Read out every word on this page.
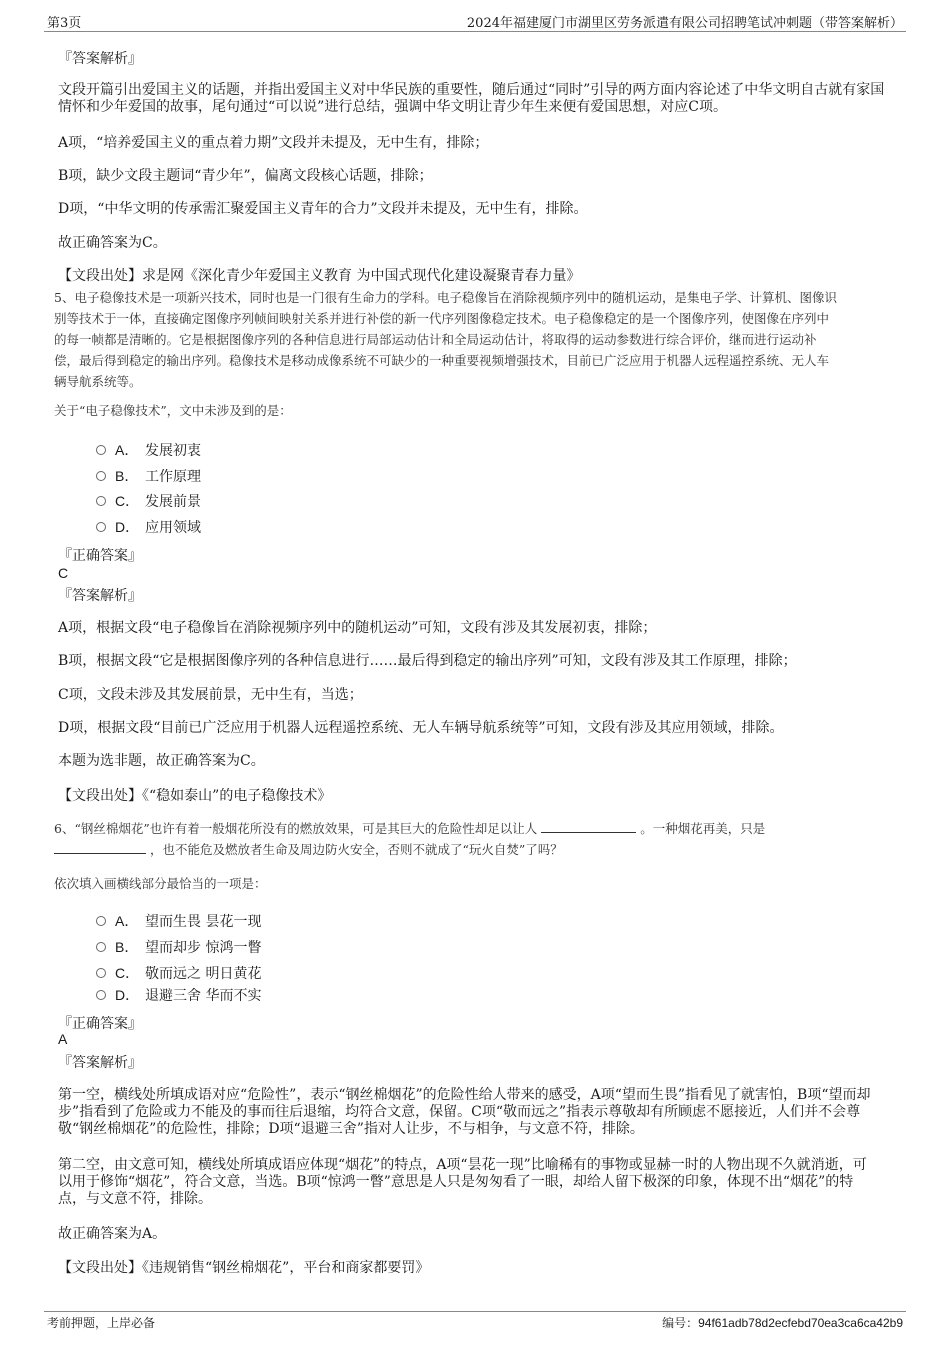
第3页	2024年福建厦门市湖里区劳务派遣有限公司招聘笔试冲刺题（带答案解析）
『答案解析』
文段开篇引出爱国主义的话题，并指出爱国主义对中华民族的重要性，随后通过“同时”引导的两方面内容论述了中华文明自古就有家国情怀和少年爱国的故事，尾句通过“可以说”进行总结，强调中华文明让青少年生来便有爱国思想，对应C项。
A项，“培养爱国主义的重点着力期”文段并未提及，无中生有，排除；
B项，缺少文段主题词“青少年”，偏离文段核心话题，排除；
D项，“中华文明的传承需汇聚爱国主义青年的合力”文段并未提及，无中生有，排除。
故正确答案为C。
【文段出处】求是网《深化青少年爱国主义教育 为中国式现代化建设凝聚青春力量》
5、电子稳像技术是一项新兴技术，同时也是一门很有生命力的学科。电子稳像旨在消除视频序列中的随机运动，是集电子学、计算机、图像识
别等技术于一体，直接确定图像序列帧间映射关系并进行补偿的新一代序列图像稳定技术。电子稳像稳定的是一个图像序列，使图像在序列中
的每一帧都是清晰的。它是根据图像序列的各种信息进行局部运动估计和全局运动估计，将取得的运动参数进行综合评价，继而进行运动补
偿，最后得到稳定的输出序列。稳像技术是移动成像系统不可缺少的一种重要视频增强技术，目前已广泛应用于机器人远程遥控系统、无人车
辆导航系统等。
关于“电子稳像技术”，文中未涉及到的是：
A． 发展初衷
B． 工作原理
C． 发展前景
D． 应用领域
『正确答案』
C
『答案解析』
A项，根据文段“电子稳像旨在消除视频序列中的随机运动”可知，文段有涉及其发展初衷，排除；
B项，根据文段“它是根据图像序列的各种信息进行……最后得到稳定的输出序列”可知，文段有涉及其工作原理，排除；
C项，文段未涉及其发展前景，无中生有，当选；
D项，根据文段“目前已广泛应用于机器人远程遥控系统、无人车辆导航系统等”可知，文段有涉及其应用领域，排除。
本题为选非题，故正确答案为C。
【文段出处】《“稳如泰山”的电子稳像技术》
6、“钢丝棉烟花”也许有着一般烟花所没有的燃放效果，可是其巨大的危险性却足以让人	。一种烟花再美，只是
，也不能危及燃放者生命及周边防火安全，否则不就成了“玩火自焚”了吗？
依次填入画横线部分最恰当的一项是：
A． 望而生畏 昙花一现
B． 望而却步 惊鸿一瞥
C． 敬而远之 明日黄花
D． 退避三舍 华而不实
『正确答案』
A
『答案解析』
第一空，横线处所填成语对应“危险性”，表示“钢丝棉烟花”的危险性给人带来的感受，A项“望而生畏”指看见了就害怕，B项“望而却步”指看到了危险或力不能及的事而往后退缩，均符合文意，保留。C项“敬而远之”指表示尊敬却有所顾虑不愿接近，人们并不会尊敬“钢丝棉烟花”的危险性，排除；D项“退避三舍”指对人让步，不与相争，与文意不符，排除。
第二空，由文意可知，横线处所填成语应体现“烟花”的特点，A项“昙花一现”比喻稀有的事物或显赫一时的人物出现不久就消逝，可以用于修饰“烟花”，符合文意，当选。B项“惊鸿一瞥”意思是人只是匆匆看了一眼，却给人留下极深的印象，体现不出“烟花”的特点，与文意不符，排除。
故正确答案为A。
【文段出处】《违规销售“钢丝棉烟花”，平台和商家都要罚》
考前押题，上岸必备	编号：94f61adb78d2ecfebd70ea3ca6ca42b9
